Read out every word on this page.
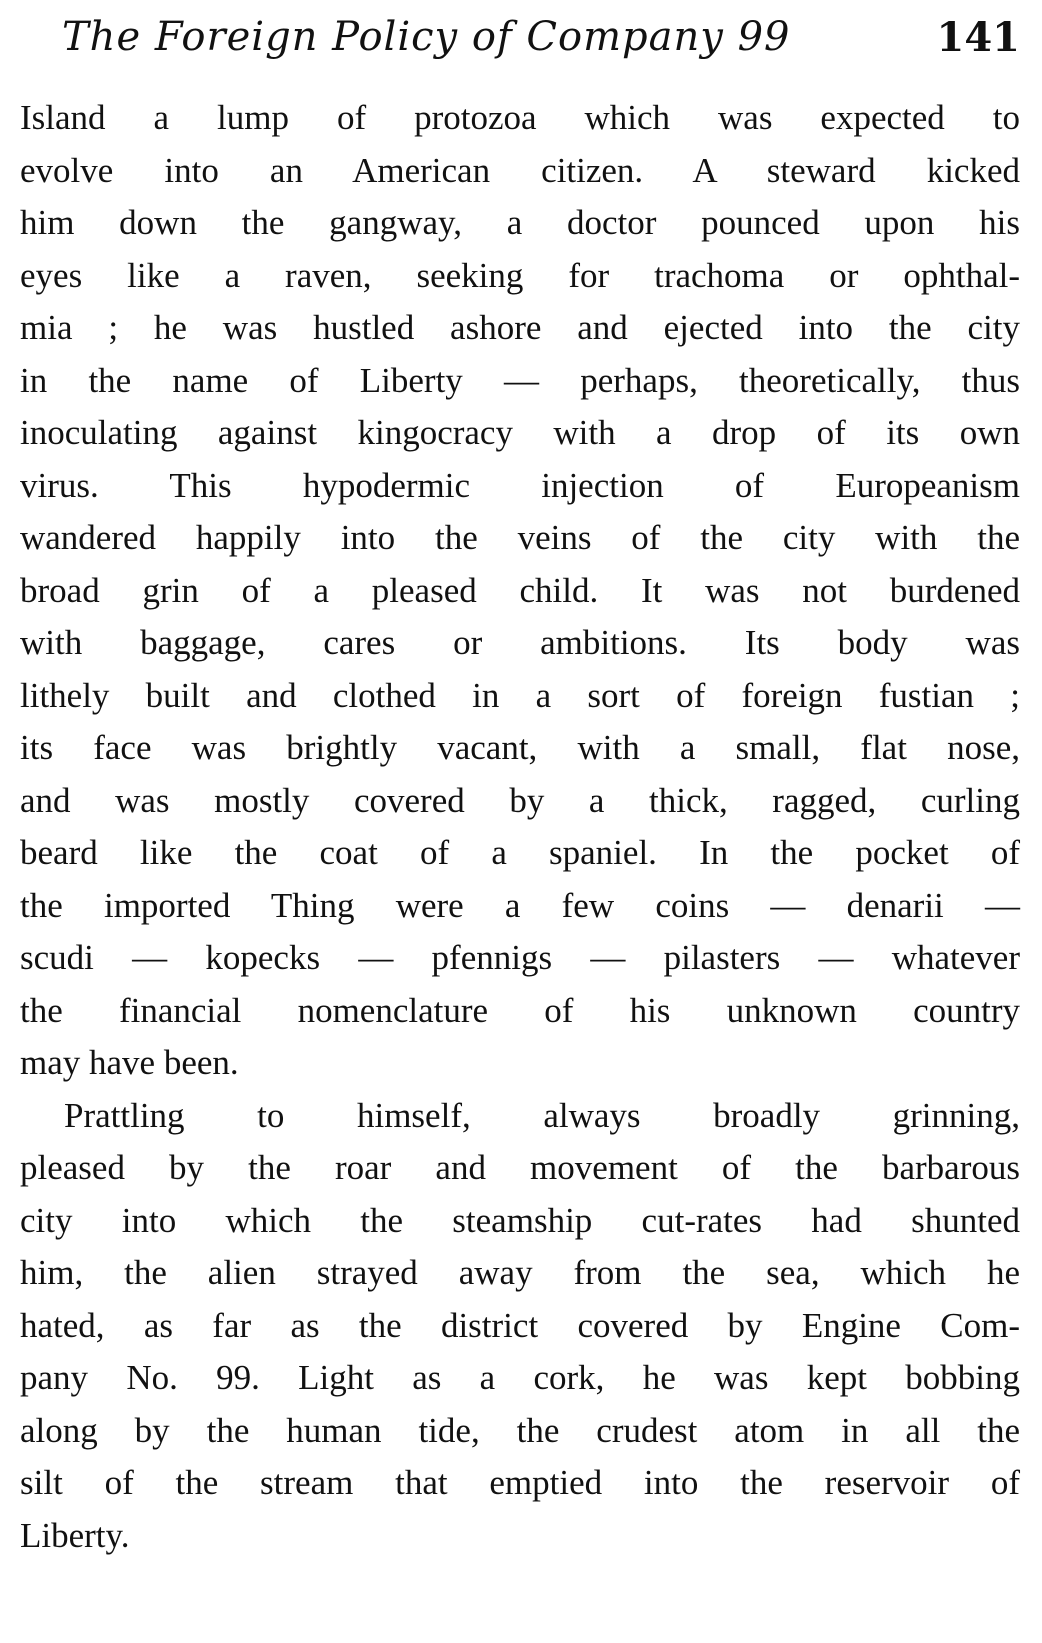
The Foreign Policy of Company 99	141
Island a lump of protozoa which was expected to
evolve into an American citizen. A steward kicked
him down the gangway, a doctor pounced upon his
eyes like a raven, seeking for trachoma or ophthal-
mia ; he was hustled ashore and ejected into the city
in the name of Liberty — perhaps, theoretically, thus
inoculating against kingocracy with a drop of its own
virus. This hypodermic injection of Europeanism
wandered happily into the veins of the city with the
broad grin of a pleased child. It was not burdened
with baggage, cares or ambitions. Its body was
lithely built and clothed in a sort of foreign fustian ;
its face was brightly vacant, with a small, flat nose,
and was mostly covered by a thick, ragged, curling
beard like the coat of a spaniel. In the pocket of
the imported Thing were a few coins — denarii —
scudi — kopecks — pfennigs — pilasters — whatever
the financial nomenclature of his unknown country
may have been.
Prattling to himself, always broadly grinning,
pleased by the roar and movement of the barbarous
city into which the steamship cut-rates had shunted
him, the alien strayed away from the sea, which he
hated, as far as the district covered by Engine Com-
pany No. 99. Light as a cork, he was kept bobbing
along by the human tide, the crudest atom in all the
silt of the stream that emptied into the reservoir of
Liberty.
